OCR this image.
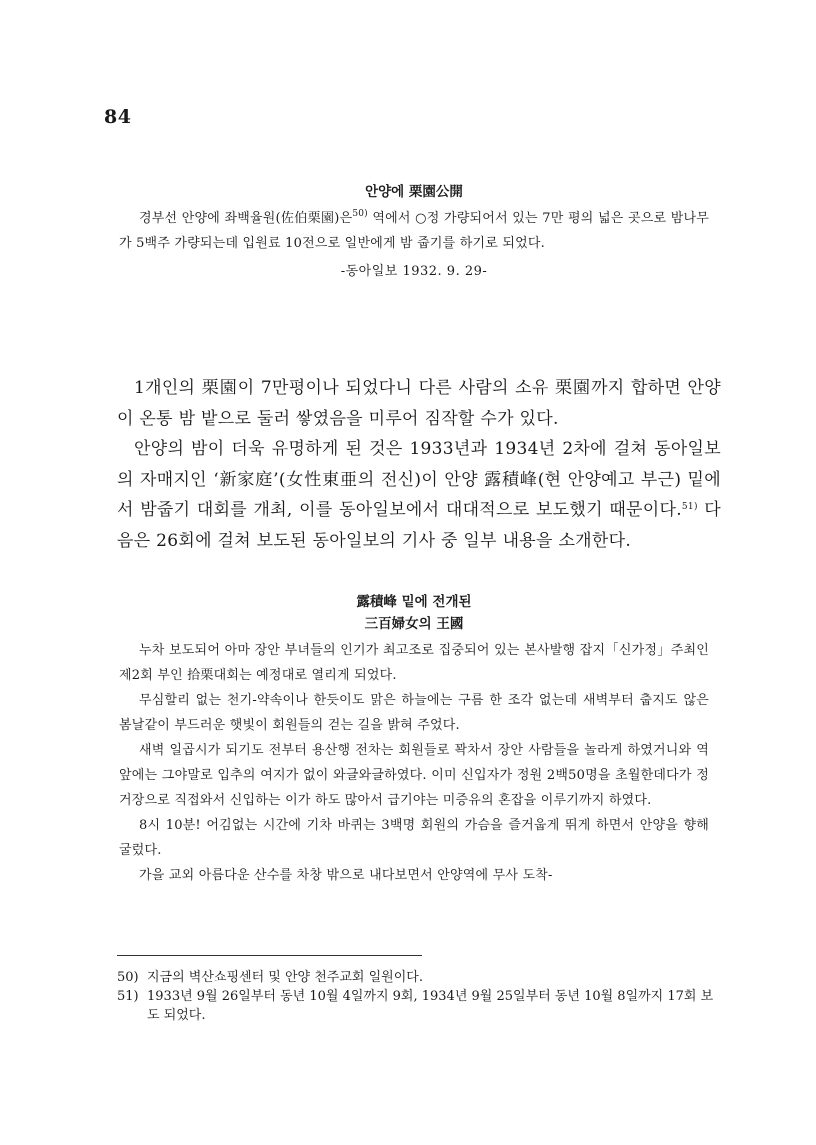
84
안양에 栗園公開

경부선 안양에 좌백율원(佐伯栗園)은$^{50)}$ 역에서 ○정 가량되어서 있는 7만 평의 넓은 곳으로 밤나무가 5백주 가량되는데 입원료 10전으로 일반에게 밤 줍기를 하기로 되었다.

-동아일보 1932. 9. 29-

1개인의 栗園이 7만평이나 되었다니 다른 사람의 소유 栗園까지 합하면 안양이 온통 밤 밭으로 둘러 쌓였음을 미루어 짐작할 수가 있다.

안양의 밤이 더욱 유명하게 된 것은 1933년과 1934년 2차에 걸쳐 동아일보의 자매지인 ‘新家庭’(女性東亜의 전신)이 안양 露積峰(현 안양예고 부근) 밑에서 밤줍기 대회를 개최, 이를 동아일보에서 대대적으로 보도했기 때문이다.$^{51)}$ 다음은 26회에 걸쳐 보도된 동아일보의 기사 중 일부 내용을 소개한다.

露積峰 밑에 전개된
三百婦女의 王國

누차 보도되어 아마 장안 부녀들의 인기가 최고조로 집중되어 있는 본사발행 잡지「신가정」주최인 제2회 부인 拾栗대회는 예정대로 열리게 되었다.

무심할리 없는 천기-약속이나 한듯이도 맑은 하늘에는 구름 한 조각 없는데 새벽부터 춥지도 않은 봄날같이 부드러운 햇빛이 회원들의 걷는 길을 밝혀 주었다.

새벽 일곱시가 되기도 전부터 용산행 전차는 회원들로 꽉차서 장안 사람들을 놀라게 하였거니와 역 앞에는 그야말로 입추의 여지가 없이 와글와글하였다. 이미 신입자가 정원 2백50명을 초월한데다가 정거장으로 직접와서 신입하는 이가 하도 많아서 급기야는 미증유의 혼잡을 이루기까지 하였다.

8시 10분! 어김없는 시간에 기차 바퀴는 3백명 회원의 가슴을 즐거웁게 뛰게 하면서 안양을 향해 굴렀다.

가을 교외 아름다운 산수를 차창 밖으로 내다보면서 안양역에 무사 도착-

50) 지금의 벽산쇼핑센터 및 안양 천주교회 일원이다.
51) 1933년 9월 26일부터 동년 10월 4일까지 9회, 1934년 9월 25일부터 동년 10월 8일까지 17회 보도 되었다.
